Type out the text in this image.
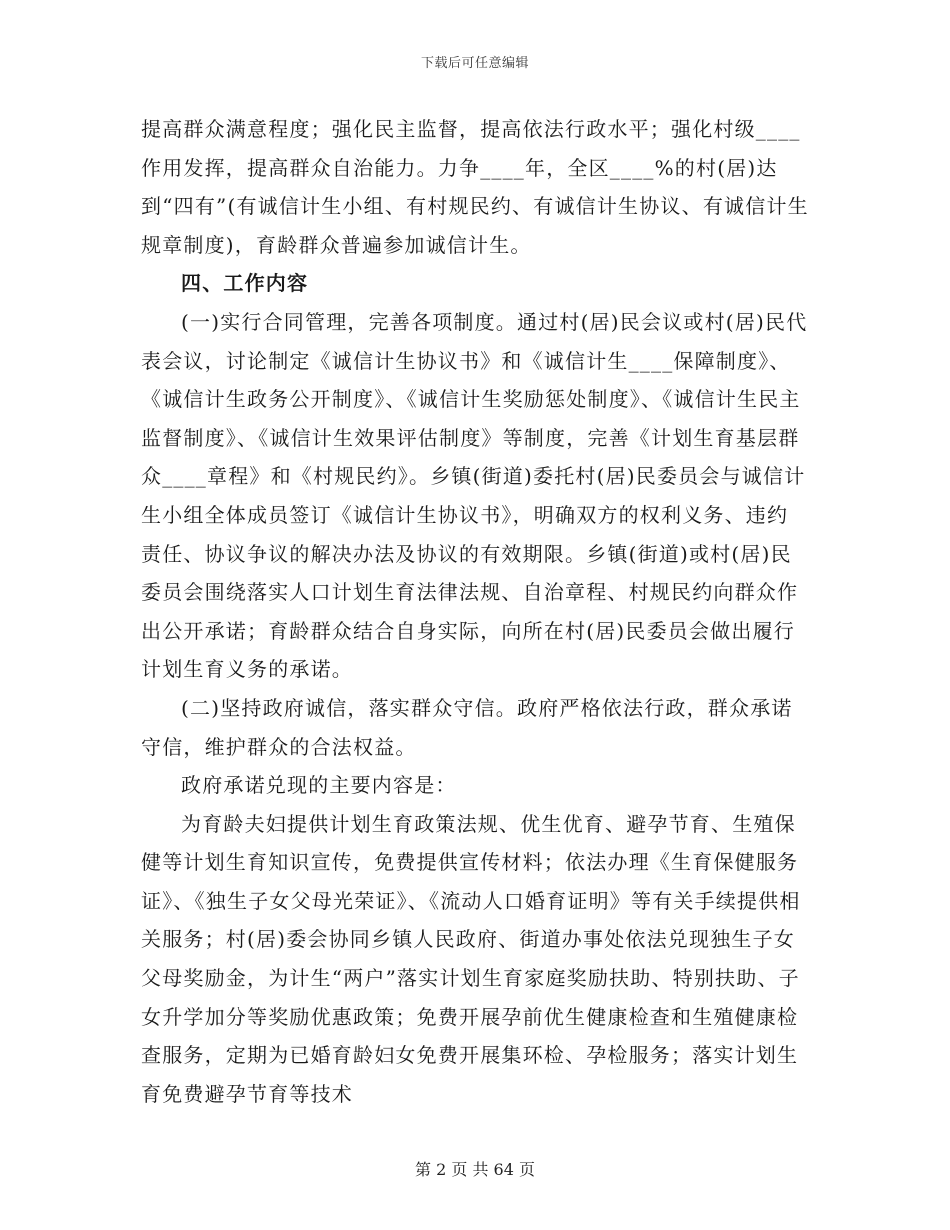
下载后可任意编辑

提高群众满意程度；强化民主监督，提高依法行政水平；强化村级____作用发挥，提高群众自治能力。力争____年，全区____%的村(居)达到“四有”(有诚信计生小组、有村规民约、有诚信计生协议、有诚信计生规章制度)，育龄群众普遍参加诚信计生。

四、工作内容

(一)实行合同管理，完善各项制度。通过村(居)民会议或村(居)民代表会议，讨论制定《诚信计生协议书》和《诚信计生____保障制度》、《诚信计生政务公开制度》、《诚信计生奖励惩处制度》、《诚信计生民主监督制度》、《诚信计生效果评估制度》等制度，完善《计划生育基层群众____章程》和《村规民约》。乡镇(街道)委托村(居)民委员会与诚信计生小组全体成员签订《诚信计生协议书》，明确双方的权利义务、违约责任、协议争议的解决办法及协议的有效期限。乡镇(街道)或村(居)民委员会围绕落实人口计划生育法律法规、自治章程、村规民约向群众作出公开承诺；育龄群众结合自身实际，向所在村(居)民委员会做出履行计划生育义务的承诺。

(二)坚持政府诚信，落实群众守信。政府严格依法行政，群众承诺守信，维护群众的合法权益。

政府承诺兑现的主要内容是：

为育龄夫妇提供计划生育政策法规、优生优育、避孕节育、生殖保健等计划生育知识宣传，免费提供宣传材料；依法办理《生育保健服务证》、《独生子女父母光荣证》、《流动人口婚育证明》等有关手续提供相关服务；村(居)委会协同乡镇人民政府、街道办事处依法兑现独生子女父母奖励金，为计生“两户”落实计划生育家庭奖励扶助、特别扶助、子女升学加分等奖励优惠政策；免费开展孕前优生健康检查和生殖健康检查服务，定期为已婚育龄妇女免费开展集环检、孕检服务；落实计划生育免费避孕节育等技术

第 2 页 共 64 页
